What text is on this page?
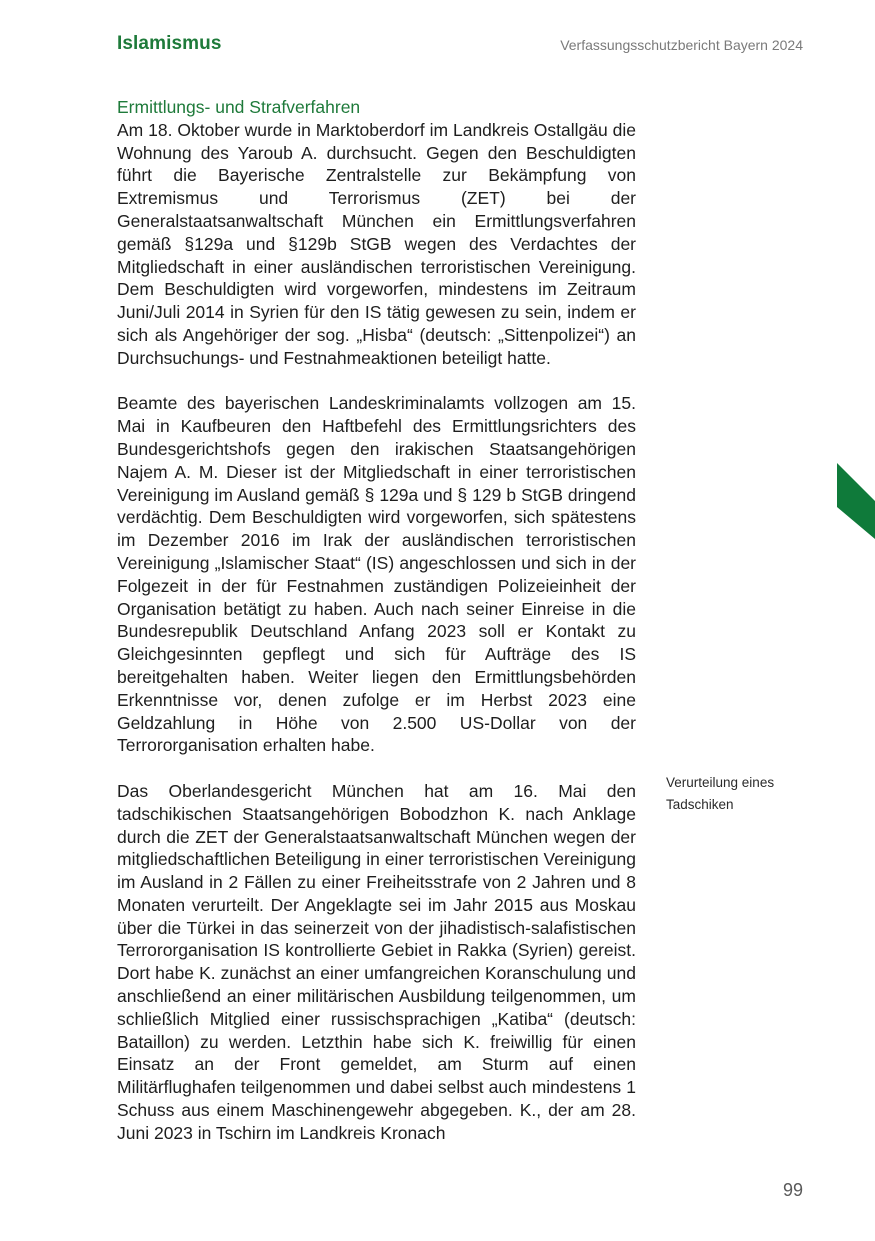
Islamismus	Verfassungsschutzbericht Bayern 2024

Ermittlungs- und Strafverfahren

Am 18. Oktober wurde in Marktoberdorf im Landkreis Ostallgäu die Wohnung des Yaroub A. durchsucht. Gegen den Beschuldigten führt die Bayerische Zentralstelle zur Bekämpfung von Extremismus und Terrorismus (ZET) bei der Generalstaatsanwaltschaft München ein Ermittlungsverfahren gemäß §129a und §129b StGB wegen des Verdachtes der Mitgliedschaft in einer ausländischen terroristischen Vereinigung. Dem Beschuldigten wird vorgeworfen, mindestens im Zeitraum Juni/Juli 2014 in Syrien für den IS tätig gewesen zu sein, indem er sich als Angehöriger der sog. „Hisba“ (deutsch: „Sittenpolizei“) an Durchsuchungs- und Festnahmeaktionen beteiligt hatte.

Beamte des bayerischen Landeskriminalamts vollzogen am 15. Mai in Kaufbeuren den Haftbefehl des Ermittlungsrichters des Bundesgerichtshofs gegen den irakischen Staatsangehörigen Najem A. M. Dieser ist der Mitgliedschaft in einer terroristischen Vereinigung im Ausland gemäß § 129a und § 129 b StGB dringend verdächtig. Dem Beschuldigten wird vorgeworfen, sich spätestens im Dezember 2016 im Irak der ausländischen terroristischen Vereinigung „Islamischer Staat“ (IS) angeschlossen und sich in der Folgezeit in der für Festnahmen zuständigen Polizeieinheit der Organisation betätigt zu haben. Auch nach seiner Einreise in die Bundesrepublik Deutschland Anfang 2023 soll er Kontakt zu Gleichgesinnten gepflegt und sich für Aufträge des IS bereitgehalten haben. Weiter liegen den Ermittlungsbehörden Erkenntnisse vor, denen zufolge er im Herbst 2023 eine Geldzahlung in Höhe von 2.500 US-Dollar von der Terrororganisation erhalten habe.

Das Oberlandesgericht München hat am 16. Mai den tadschikischen Staatsangehörigen Bobodzhon K. nach Anklage durch die ZET der Generalstaatsanwaltschaft München wegen der mitgliedschaftlichen Beteiligung in einer terroristischen Vereinigung im Ausland in 2 Fällen zu einer Freiheitsstrafe von 2 Jahren und 8 Monaten verurteilt. Der Angeklagte sei im Jahr 2015 aus Moskau über die Türkei in das seinerzeit von der jihadistisch-salafistischen Terrororganisation IS kontrollierte Gebiet in Rakka (Syrien) gereist. Dort habe K. zunächst an einer umfangreichen Koranschulung und anschließend an einer militärischen Ausbildung teilgenommen, um schließlich Mitglied einer russischsprachigen „Katiba“ (deutsch: Bataillon) zu werden. Letzthin habe sich K. freiwillig für einen Einsatz an der Front gemeldet, am Sturm auf einen Militärflughafen teilgenommen und dabei selbst auch mindestens 1 Schuss aus einem Maschinengewehr abgegeben. K., der am 28. Juni 2023 in Tschirn im Landkreis Kronach

Verurteilung eines Tadschiken
99
